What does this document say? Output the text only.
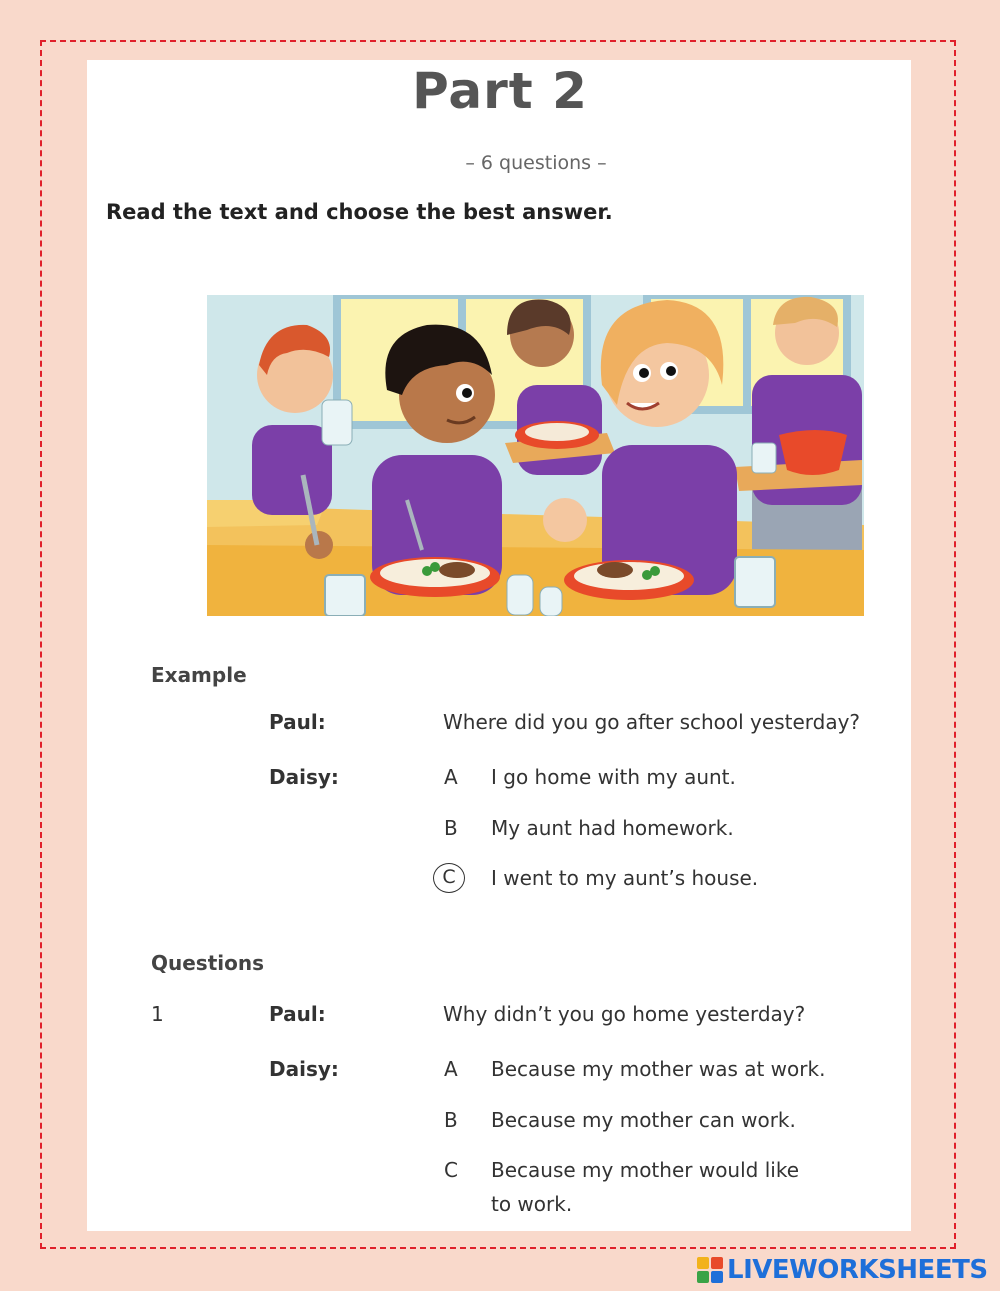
Part 2
– 6 questions –
Read the text and choose the best answer.
Example
Paul:	Where did you go after school yesterday?
Daisy:	A I go home with my aunt.
B My aunt had homework.
C	I went to my aunt’s house.
Questions
1	Paul:	Why didn’t you go home yesterday?
Daisy:	A Because my mother was at work.
B Because my mother can work.
C Because my mother would like
to work.
LIVEWORKSHEETS
